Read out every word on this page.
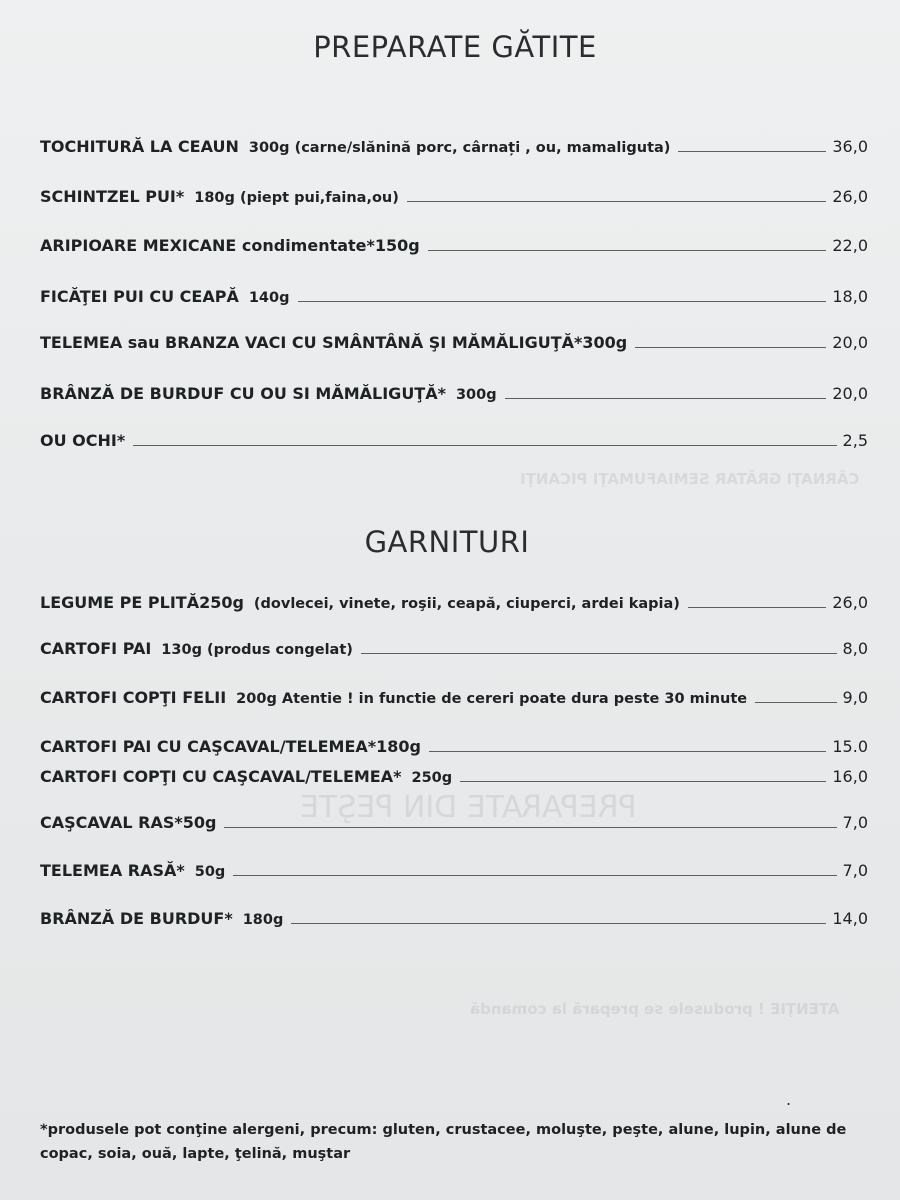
CÂRNAŢI GRĂTAR SEMIAFUMAŢI PICANŢI
PREPARATE DIN PEŞTE
ATENŢIE ! produsele se prepară la comandă
PREPARATE GĂTITE
TOCHITURĂ LA CEAUN 300g (carne/slănină porc, cârnați , ou, mamaliguta)	36,0
SCHINTZEL PUI* 180g (piept pui,faina,ou)	26,0
ARIPIOARE MEXICANE condimentate*150g	22,0
FICĂŢEI PUI CU CEAPĂ 140g	18,0
TELEMEA sau BRANZA VACI CU SMÂNTÂNĂ ŞI MĂMĂLIGUŢĂ*300g	20,0
BRÂNZĂ DE BURDUF CU OU SI MĂMĂLIGUŢĂ* 300g	20,0
OU OCHI*	2,5
GARNITURI
LEGUME PE PLITĂ250g (dovlecei, vinete, roşii, ceapă, ciuperci, ardei kapia)	26,0
CARTOFI PAI 130g (produs congelat)	8,0
CARTOFI COPŢI FELII 200g Atentie ! in functie de cereri poate dura peste 30 minute	9,0
CARTOFI PAI CU CAŞCAVAL/TELEMEA*180g	15.0
CARTOFI COPŢI CU CAŞCAVAL/TELEMEA* 250g	16,0
CAŞCAVAL RAS*50g	7,0
TELEMEA RASĂ* 50g	7,0
BRÂNZĂ DE BURDUF* 180g	14,0
.
*produsele pot conţine alergeni, precum: gluten, crustacee, moluşte, peşte, alune, lupin, alune de copac, soia, ouă, lapte, ţelină, muştar
